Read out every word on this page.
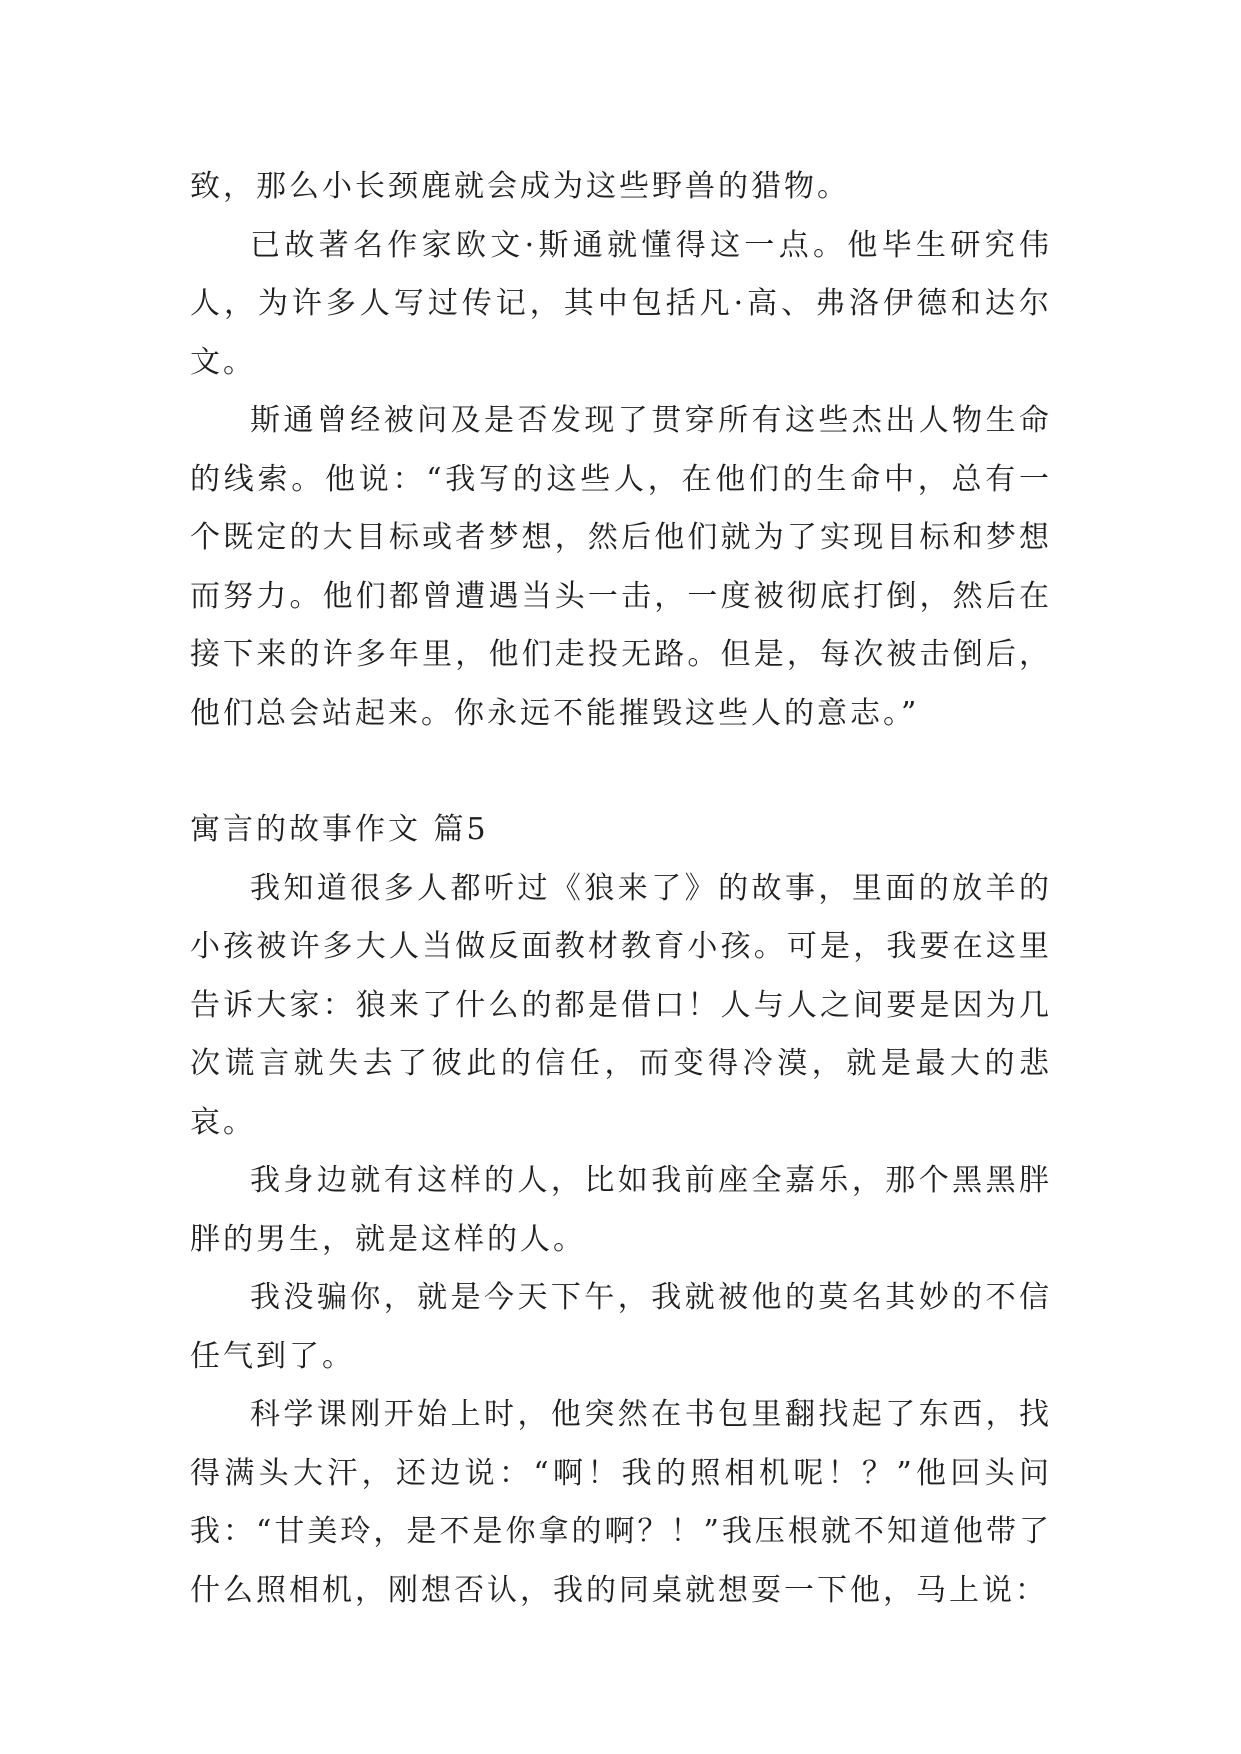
致，那么小长颈鹿就会成为这些野兽的猎物。

已故著名作家欧文·斯通就懂得这一点。他毕生研究伟人，为许多人写过传记，其中包括凡·高、弗洛伊德和达尔文。

斯通曾经被问及是否发现了贯穿所有这些杰出人物生命的线索。他说：“我写的这些人，在他们的生命中，总有一个既定的大目标或者梦想，然后他们就为了实现目标和梦想而努力。他们都曾遭遇当头一击，一度被彻底打倒，然后在接下来的许多年里，他们走投无路。但是，每次被击倒后，他们总会站起来。你永远不能摧毁这些人的意志。”

寓言的故事作文 篇5

我知道很多人都听过《狼来了》的故事，里面的放羊的小孩被许多大人当做反面教材教育小孩。可是，我要在这里告诉大家：狼来了什么的都是借口！人与人之间要是因为几次谎言就失去了彼此的信任，而变得冷漠，就是最大的悲哀。

我身边就有这样的人，比如我前座全嘉乐，那个黑黑胖胖的男生，就是这样的人。

我没骗你，就是今天下午，我就被他的莫名其妙的不信任气到了。

科学课刚开始上时，他突然在书包里翻找起了东西，找得满头大汗，还边说：“啊！我的照相机呢！？”他回头问我：“甘美玲，是不是你拿的啊？！”我压根就不知道他带了什么照相机，刚想否认，我的同桌就想耍一下他，马上说：
